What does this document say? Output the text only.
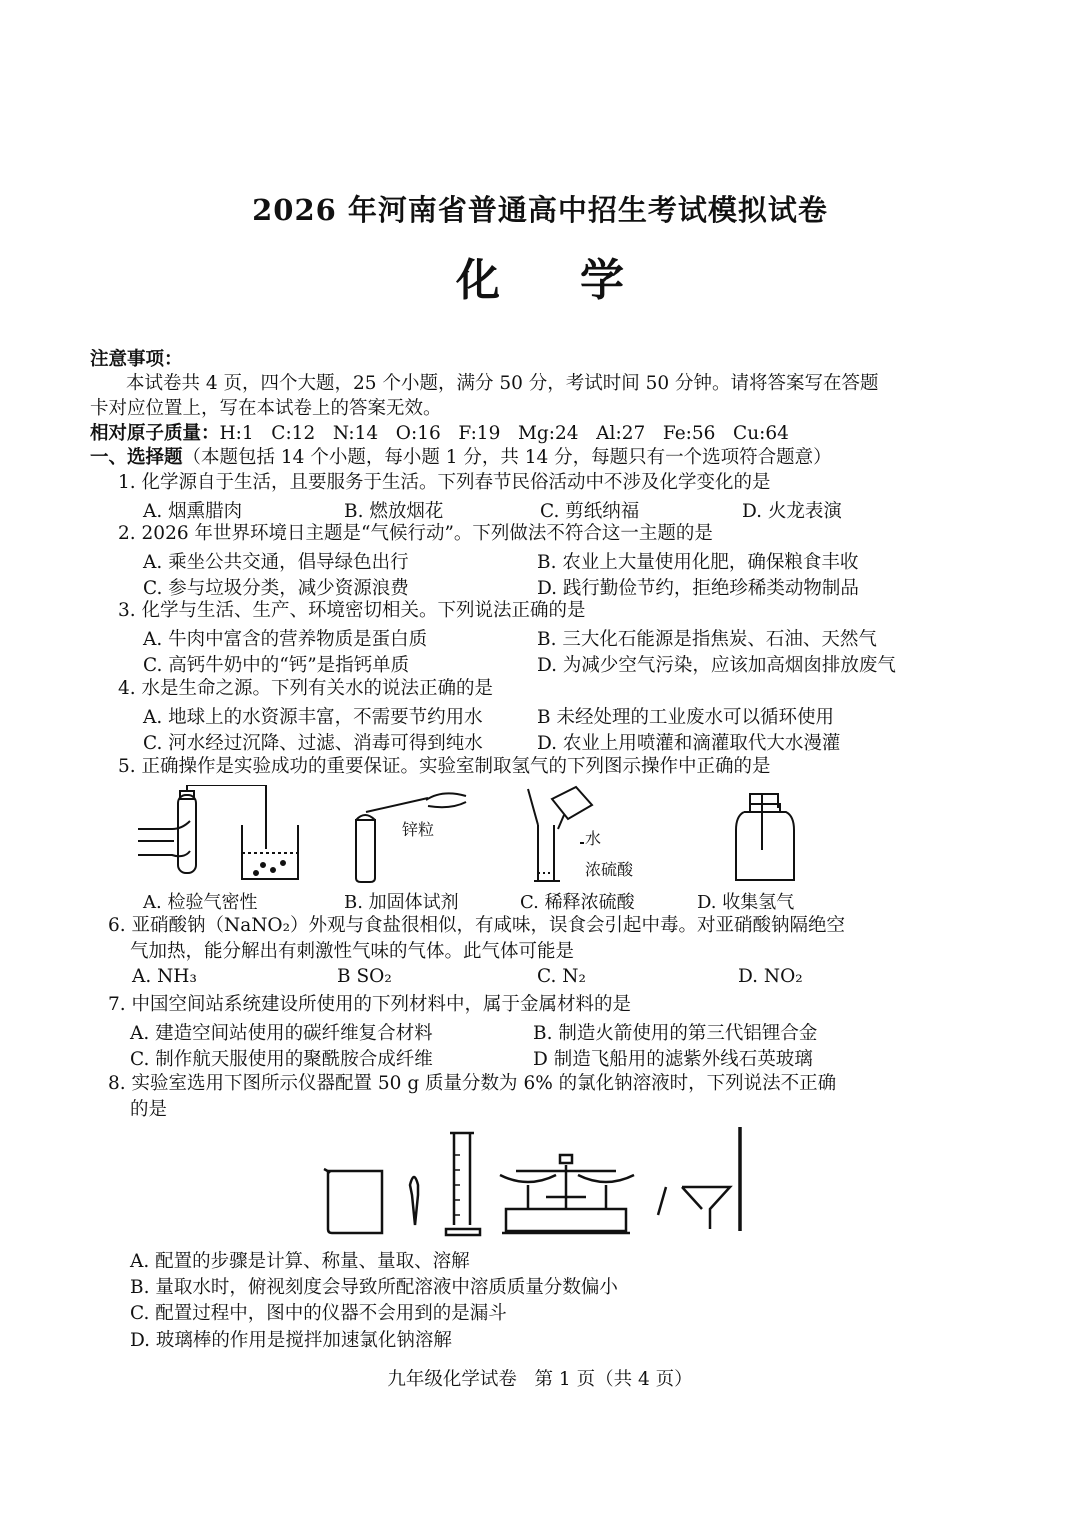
2026 年河南省普通高中招生考试模拟试卷
化 学
注意事项：
本试卷共 4 页，四个大题，25 个小题，满分 50 分，考试时间 50 分钟。请将答案写在答题
卡对应位置上，写在本试卷上的答案无效。
相对原子质量：H:1   C:12   N:14   O:16   F:19   Mg:24   Al:27   Fe:56   Cu:64
一、选择题（本题包括 14 个小题，每小题 1 分，共 14 分，每题只有一个选项符合题意）
1. 化学源自于生活，且要服务于生活。下列春节民俗活动中不涉及化学变化的是
A. 烟熏腊肉	B. 燃放烟花	C. 剪纸纳福	D. 火龙表演
2. 2026 年世界环境日主题是“气候行动”。下列做法不符合这一主题的是
A. 乘坐公共交通，倡导绿色出行	B. 农业上大量使用化肥，确保粮食丰收
C. 参与垃圾分类，减少资源浪费	D. 践行勤俭节约，拒绝珍稀类动物制品
3. 化学与生活、生产、环境密切相关。下列说法正确的是
A. 牛肉中富含的营养物质是蛋白质	B. 三大化石能源是指焦炭、石油、天然气
C. 高钙牛奶中的“钙”是指钙单质	D. 为减少空气污染，应该加高烟囱排放废气
4. 水是生命之源。下列有关水的说法正确的是
A. 地球上的水资源丰富，不需要节约用水	B 未经处理的工业废水可以循环使用
C. 河水经过沉降、过滤、消毒可得到纯水	D. 农业上用喷灌和滴灌取代大水漫灌
5. 正确操作是实验成功的重要保证。实验室制取氢气的下列图示操作中正确的是
锌粒	水
浓硫酸
A. 检验气密性	B. 加固体试剂	C. 稀释浓硫酸	D. 收集氢气
6. 亚硝酸钠（NaNO₂）外观与食盐很相似，有咸味，误食会引起中毒。对亚硝酸钠隔绝空
气加热，能分解出有刺激性气味的气体。此气体可能是
A. NH₃	B SO₂	C. N₂	D. NO₂
7. 中国空间站系统建设所使用的下列材料中，属于金属材料的是
A. 建造空间站使用的碳纤维复合材料	B. 制造火箭使用的第三代铝锂合金
C. 制作航天服使用的聚酰胺合成纤维	D 制造飞船用的滤紫外线石英玻璃
8. 实验室选用下图所示仪器配置 50 g 质量分数为 6% 的氯化钠溶液时，下列说法不正确
的是
A. 配置的步骤是计算、称量、量取、溶解
B. 量取水时，俯视刻度会导致所配溶液中溶质质量分数偏小
C. 配置过程中，图中的仪器不会用到的是漏斗
D. 玻璃棒的作用是搅拌加速氯化钠溶解
九年级化学试卷   第 1 页（共 4 页）
